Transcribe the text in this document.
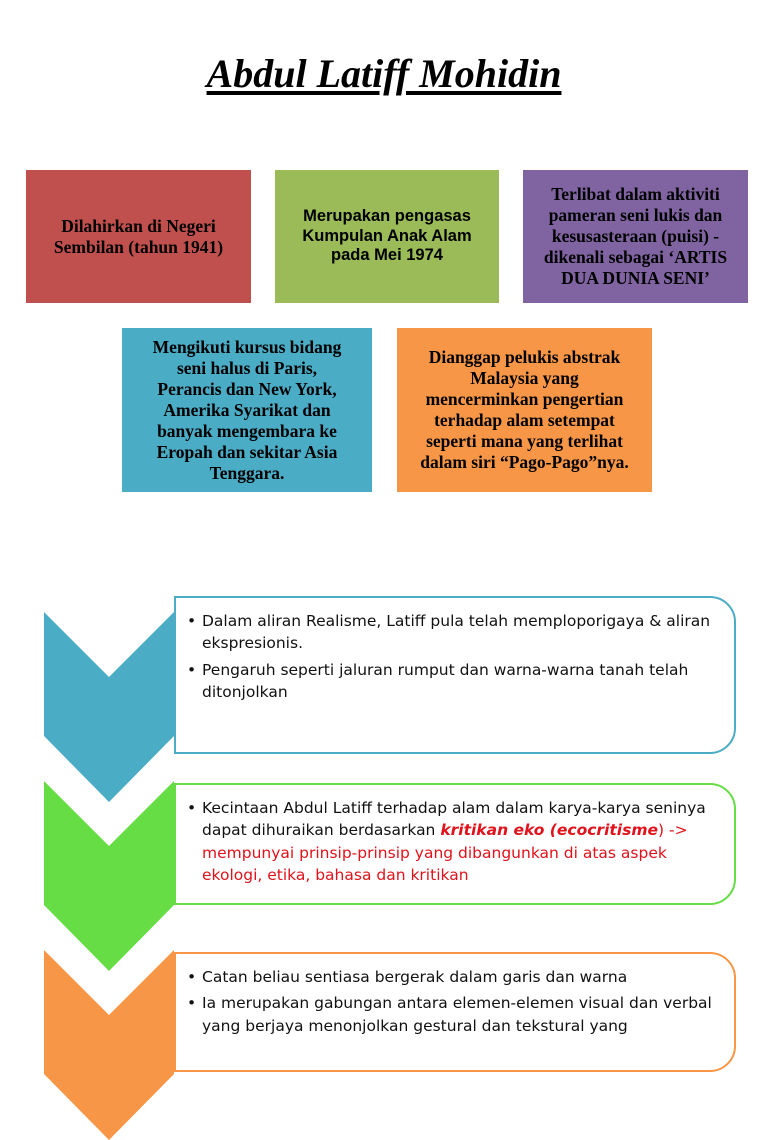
Abdul Latiff Mohidin
Dilahirkan di Negeri
Sembilan (tahun 1941)
Merupakan pengasas
Kumpulan Anak Alam
pada Mei 1974
Terlibat dalam aktiviti
pameran seni lukis dan
kesusasteraan (puisi) -
dikenali sebagai ‘ARTIS
DUA DUNIA SENI’
Mengikuti kursus bidang
seni halus di Paris,
Perancis dan New York,
Amerika Syarikat dan
banyak mengembara ke
Eropah dan sekitar Asia
Tenggara.
Dianggap pelukis abstrak
Malaysia yang
mencerminkan pengertian
terhadap alam setempat
seperti mana yang terlihat
dalam siri “Pago-Pago”nya.
• Dalam aliran Realisme, Latiff pula telah memploporigaya & aliran ekspresionis.
• Pengaruh seperti jaluran rumput dan warna-warna tanah telah ditonjolkan
• Kecintaan Abdul Latiff terhadap alam dalam karya-karya seninya dapat dihuraikan berdasarkan kritikan eko (ecocritisme) -> mempunyai prinsip-prinsip yang dibangunkan di atas aspek ekologi, etika, bahasa dan kritikan
• Catan beliau sentiasa bergerak dalam garis dan warna
• Ia merupakan gabungan antara elemen-elemen visual dan verbal yang berjaya menonjolkan gestural dan tekstural yang
